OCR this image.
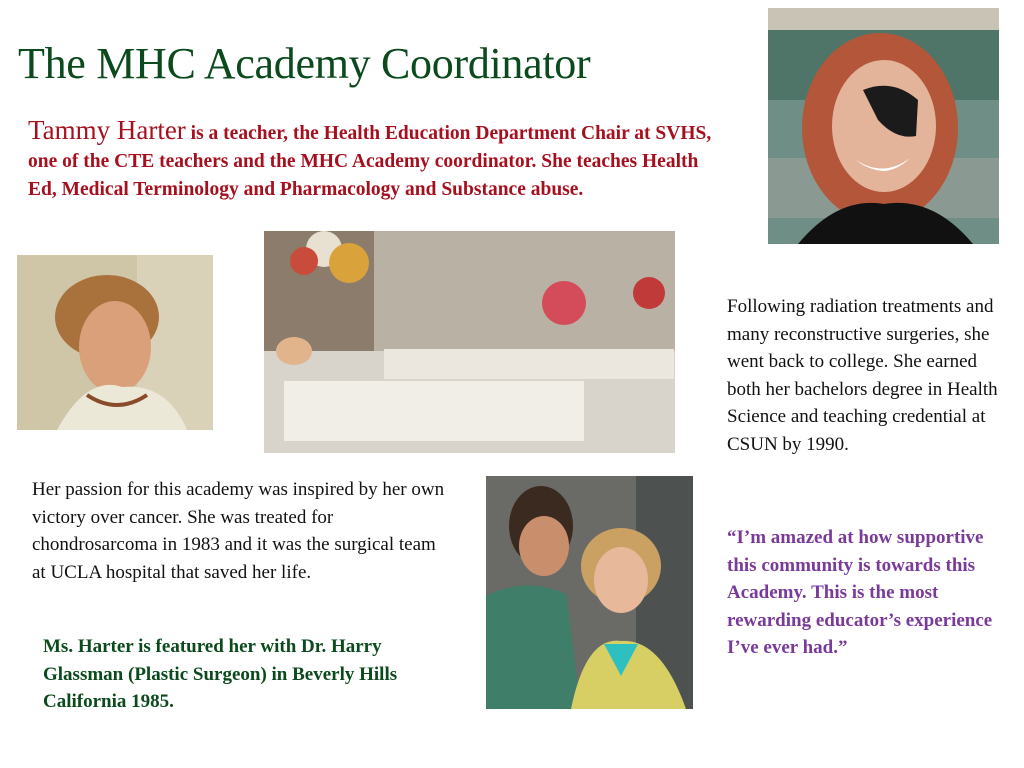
The MHC Academy Coordinator
Tammy Harter is a teacher, the Health Education Department Chair at SVHS, one of the CTE teachers and the MHC Academy coordinator. She teaches Health Ed, Medical Terminology and Pharmacology and Substance abuse.
Following radiation treatments and many reconstructive surgeries, she went back to college. She earned both her bachelors degree in Health Science and teaching credential at CSUN by 1990.
Her passion for this academy was inspired by her own victory over cancer. She was treated for chondrosarcoma in 1983 and it was the surgical team at UCLA hospital that saved her life.
“I’m amazed at how supportive this community is towards this Academy. This is the most rewarding educator’s experience I’ve ever had.”
Ms. Harter is featured her with Dr. Harry Glassman (Plastic Surgeon) in Beverly Hills California 1985.
